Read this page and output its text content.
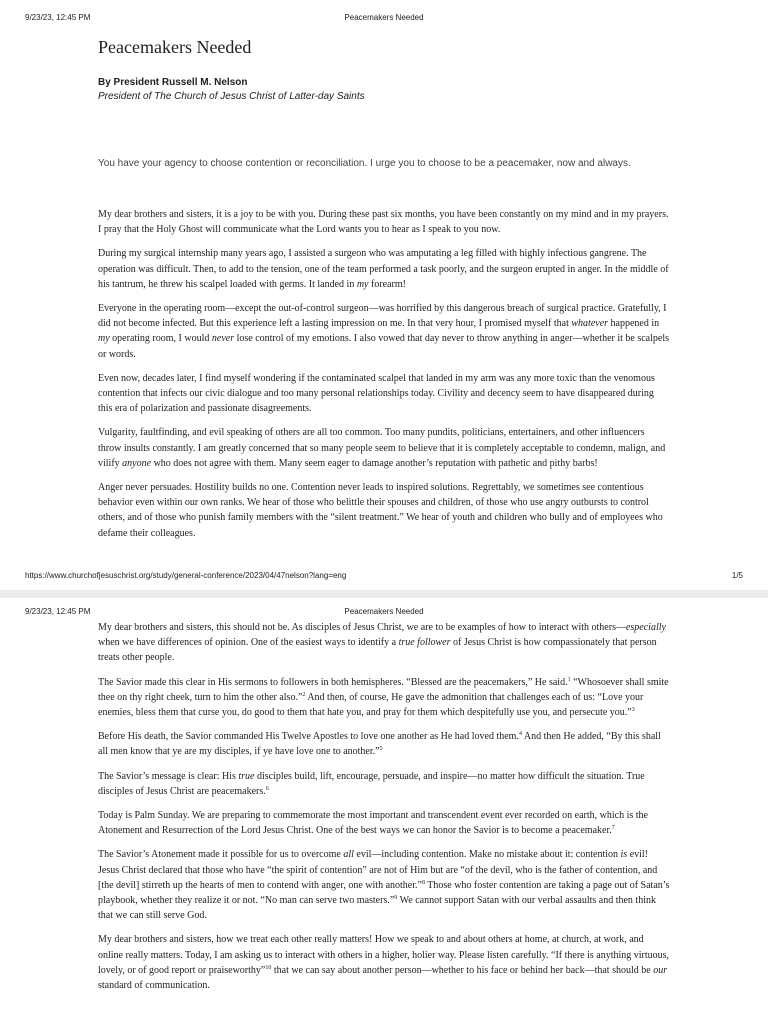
9/23/23, 12:45 PM	Peacemakers Needed
Peacemakers Needed
By President Russell M. Nelson
President of The Church of Jesus Christ of Latter-day Saints
You have your agency to choose contention or reconciliation. I urge you to choose to be a peacemaker, now and always.

My dear brothers and sisters, it is a joy to be with you. During these past six months, you have been constantly on my mind and in my prayers. I pray that the Holy Ghost will communicate what the Lord wants you to hear as I speak to you now.

During my surgical internship many years ago, I assisted a surgeon who was amputating a leg filled with highly infectious gangrene. The operation was difficult. Then, to add to the tension, one of the team performed a task poorly, and the surgeon erupted in anger. In the middle of his tantrum, he threw his scalpel loaded with germs. It landed in my forearm!

Everyone in the operating room—except the out-of-control surgeon—was horrified by this dangerous breach of surgical practice. Gratefully, I did not become infected. But this experience left a lasting impression on me. In that very hour, I promised myself that whatever happened in my operating room, I would never lose control of my emotions. I also vowed that day never to throw anything in anger—whether it be scalpels or words.

Even now, decades later, I find myself wondering if the contaminated scalpel that landed in my arm was any more toxic than the venomous contention that infects our civic dialogue and too many personal relationships today. Civility and decency seem to have disappeared during this era of polarization and passionate disagreements.

Vulgarity, faultfinding, and evil speaking of others are all too common. Too many pundits, politicians, entertainers, and other influencers throw insults constantly. I am greatly concerned that so many people seem to believe that it is completely acceptable to condemn, malign, and vilify anyone who does not agree with them. Many seem eager to damage another’s reputation with pathetic and pithy barbs!

Anger never persuades. Hostility builds no one. Contention never leads to inspired solutions. Regrettably, we sometimes see contentious behavior even within our own ranks. We hear of those who belittle their spouses and children, of those who use angry outbursts to control others, and of those who punish family members with the “silent treatment.” We hear of youth and children who bully and of employees who defame their colleagues.

https://www.churchofjesuschrist.org/study/general-conference/2023/04/47nelson?lang=eng	1/5
9/23/23, 12:45 PM	Peacemakers Needed

My dear brothers and sisters, this should not be. As disciples of Jesus Christ, we are to be examples of how to interact with others—especially when we have differences of opinion. One of the easiest ways to identify a true follower of Jesus Christ is how compassionately that person treats other people.

The Savior made this clear in His sermons to followers in both hemispheres. “Blessed are the peacemakers,” He said.$^1$ “Whosoever shall smite thee on thy right cheek, turn to him the other also.”$^2$ And then, of course, He gave the admonition that challenges each of us: “Love your enemies, bless them that curse you, do good to them that hate you, and pray for them which despitefully use you, and persecute you.”$^3$

Before His death, the Savior commanded His Twelve Apostles to love one another as He had loved them.$^4$ And then He added, “By this shall all men know that ye are my disciples, if ye have love one to another.”$^5$

The Savior’s message is clear: His true disciples build, lift, encourage, persuade, and inspire—no matter how difficult the situation. True disciples of Jesus Christ are peacemakers.$^6$

Today is Palm Sunday. We are preparing to commemorate the most important and transcendent event ever recorded on earth, which is the Atonement and Resurrection of the Lord Jesus Christ. One of the best ways we can honor the Savior is to become a peacemaker.$^7$

The Savior’s Atonement made it possible for us to overcome all evil—including contention. Make no mistake about it: contention is evil! Jesus Christ declared that those who have “the spirit of contention” are not of Him but are “of the devil, who is the father of contention, and [the devil] stirreth up the hearts of men to contend with anger, one with another.”$^8$ Those who foster contention are taking a page out of Satan’s playbook, whether they realize it or not. “No man can serve two masters.”$^9$ We cannot support Satan with our verbal assaults and then think that we can still serve God.

My dear brothers and sisters, how we treat each other really matters! How we speak to and about others at home, at church, at work, and online really matters. Today, I am asking us to interact with others in a higher, holier way. Please listen carefully. “If there is anything virtuous, lovely, or of good report or praiseworthy”$^{10}$ that we can say about another person—whether to his face or behind her back—that should be our standard of communication.
